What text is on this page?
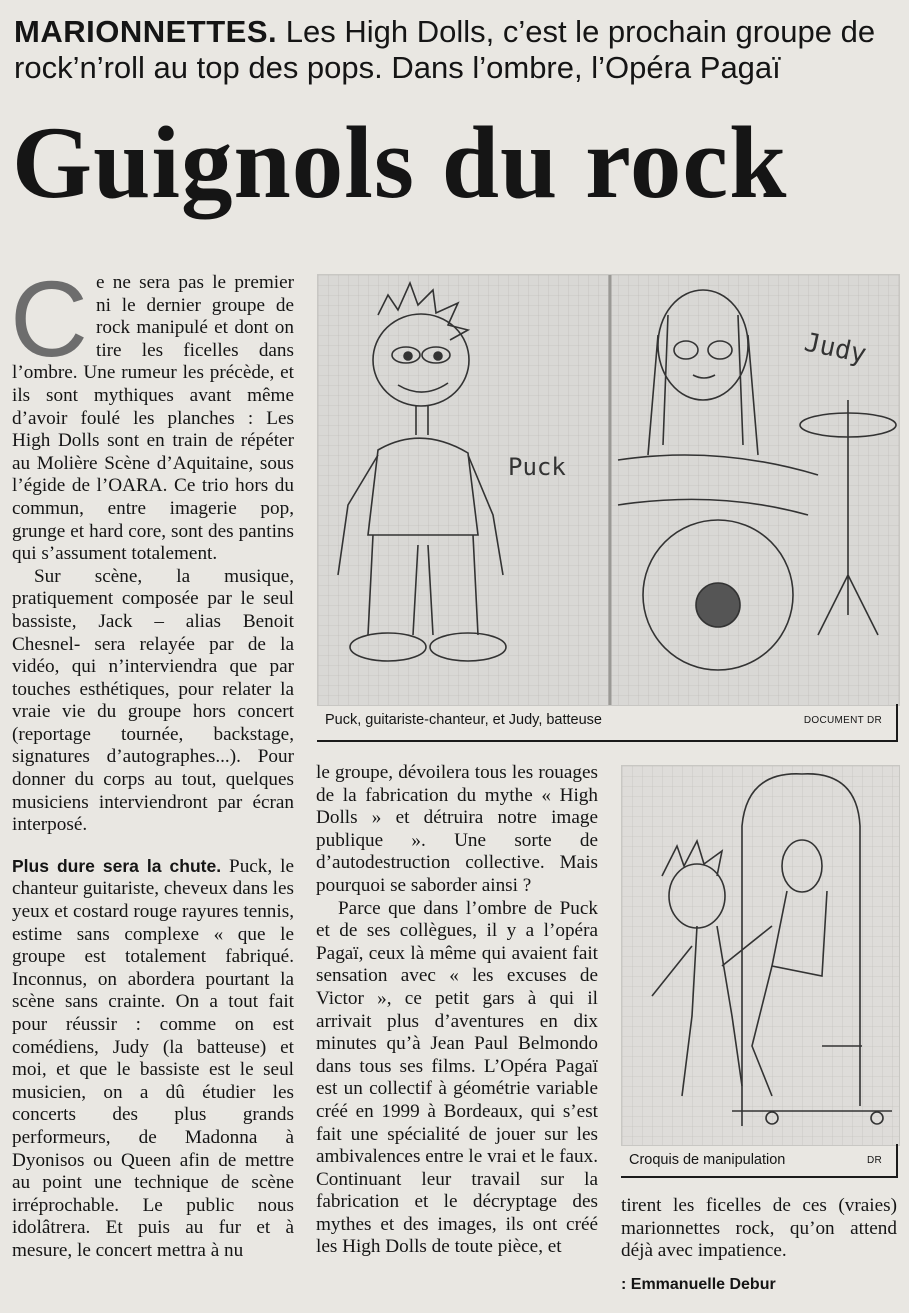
MARIONNETTES. Les High Dolls, c’est le prochain groupe de rock’n’roll au top des pops. Dans l’ombre, l’Opéra Pagaï
Guignols du rock

Ce ne sera pas le premier ni le dernier groupe de rock manipulé et dont on tire les ficelles dans l’ombre. Une rumeur les précède, et ils sont mythiques avant même d’avoir foulé les planches : Les High Dolls sont en train de répéter au Molière Scène d’Aquitaine, sous l’égide de l’OARA. Ce trio hors du commun, entre imagerie pop, grunge et hard core, sont des pantins qui s’assument totalement.

Sur scène, la musique, pratiquement composée par le seul bassiste, Jack – alias Benoit Chesnel- sera relayée par de la vidéo, qui n’interviendra que par touches esthétiques, pour relater la vraie vie du groupe hors concert (reportage tournée, backstage, signatures d’autographes...). Pour donner du corps au tout, quelques musiciens interviendront par écran interposé.

Plus dure sera la chute. Puck, le chanteur guitariste, cheveux dans les yeux et costard rouge rayures tennis, estime sans complexe « que le groupe est totalement fabriqué. Inconnus, on abordera pourtant la scène sans crainte. On a tout fait pour réussir : comme on est comédiens, Judy (la batteuse) et moi, et que le bassiste est le seul musicien, on a dû étudier les concerts des plus grands performeurs, de Madonna à Dyonisos ou Queen afin de mettre au point une technique de scène irréprochable. Le public nous idolâtrera. Et puis au fur et à mesure, le concert mettra à nu

Puck
Judy
Puck, guitariste-chanteur, et Judy, batteuse	DOCUMENT DR

le groupe, dévoilera tous les rouages de la fabrication du mythe « High Dolls » et détruira notre image publique ». Une sorte de d’autodestruction collective. Mais pourquoi se saborder ainsi ?

Parce que dans l’ombre de Puck et de ses collègues, il y a l’opéra Pagaï, ceux là même qui avaient fait sensation avec « les excuses de Victor », ce petit gars à qui il arrivait plus d’aventures en dix minutes qu’à Jean Paul Belmondo dans tous ses films. L’Opéra Pagaï est un collectif à géométrie variable créé en 1999 à Bordeaux, qui s’est fait une spécialité de jouer sur les ambivalences entre le vrai et le faux. Continuant leur travail sur la fabrication et le décryptage des mythes et des images, ils ont créé les High Dolls de toute pièce, et

Croquis de manipulation	DR

tirent les ficelles de ces (vraies) marionnettes rock, qu’on attend déjà avec impatience.

: Emmanuelle Debur
